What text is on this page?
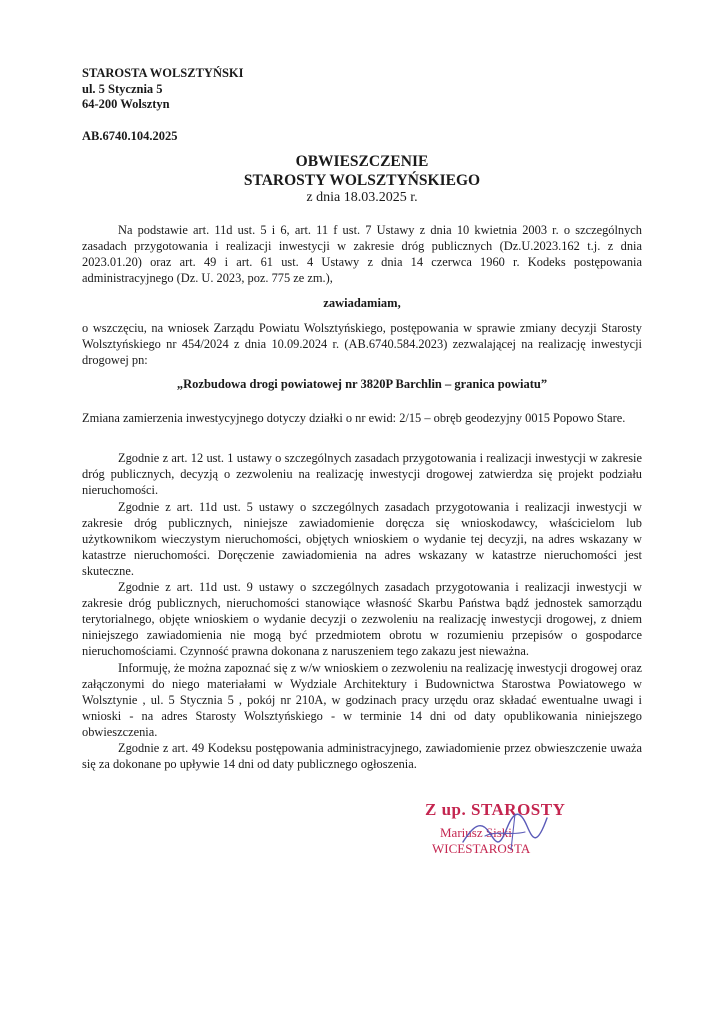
STAROSTA WOLSZTYŃSKI
ul. 5 Stycznia 5
64-200 Wolsztyn
AB.6740.104.2025
OBWIESZCZENIE
STAROSTY WOLSZTYŃSKIEGO
z dnia 18.03.2025 r.
Na podstawie art. 11d ust. 5 i 6, art. 11 f ust. 7 Ustawy z dnia 10 kwietnia 2003 r. o szczególnych zasadach przygotowania i realizacji inwestycji w zakresie dróg publicznych (Dz.U.2023.162 t.j. z dnia 2023.01.20) oraz art. 49 i art. 61 ust. 4 Ustawy z dnia 14 czerwca 1960 r. Kodeks postępowania administracyjnego (Dz. U. 2023, poz. 775 ze zm.),
zawiadamiam,
o wszczęciu, na wniosek Zarządu Powiatu Wolsztyńskiego, postępowania w sprawie zmiany decyzji Starosty Wolsztyńskiego nr 454/2024 z dnia 10.09.2024 r. (AB.6740.584.2023) zezwalającej na realizację inwestycji drogowej pn:
„Rozbudowa drogi powiatowej nr 3820P Barchlin – granica powiatu”
Zmiana zamierzenia inwestycyjnego dotyczy działki o nr ewid: 2/15 – obręb geodezyjny 0015 Popowo Stare.
Zgodnie z art. 12 ust. 1 ustawy o szczególnych zasadach przygotowania i realizacji inwestycji w zakresie dróg publicznych, decyzją o zezwoleniu na realizację inwestycji drogowej zatwierdza się projekt podziału nieruchomości.
Zgodnie z art. 11d ust. 5 ustawy o szczególnych zasadach przygotowania i realizacji inwestycji w zakresie dróg publicznych, niniejsze zawiadomienie doręcza się wnioskodawcy, właścicielom lub użytkownikom wieczystym nieruchomości, objętych wnioskiem o wydanie tej decyzji, na adres wskazany w katastrze nieruchomości. Doręczenie zawiadomienia na adres wskazany w katastrze nieruchomości jest skuteczne.
Zgodnie z art. 11d ust. 9 ustawy o szczególnych zasadach przygotowania i realizacji inwestycji w zakresie dróg publicznych, nieruchomości stanowiące własność Skarbu Państwa bądź jednostek samorządu terytorialnego, objęte wnioskiem o wydanie decyzji o zezwoleniu na realizację inwestycji drogowej, z dniem niniejszego zawiadomienia nie mogą być przedmiotem obrotu w rozumieniu przepisów o gospodarce nieruchomościami. Czynność prawna dokonana z naruszeniem tego zakazu jest nieważna.
Informuję, że można zapoznać się z w/w wnioskiem o zezwoleniu na realizację inwestycji drogowej oraz załączonymi do niego materiałami w Wydziale Architektury i Budownictwa Starostwa Powiatowego w Wolsztynie , ul. 5 Stycznia 5 , pokój nr 210A, w godzinach pracy urzędu oraz składać ewentualne uwagi i wnioski - na adres Starosty Wolsztyńskiego - w terminie 14 dni od daty opublikowania niniejszego obwieszczenia.
Zgodnie z art. 49 Kodeksu postępowania administracyjnego, zawiadomienie przez obwieszczenie uważa się za dokonane po upływie 14 dni od daty publicznego ogłoszenia.
Z up. STAROSTY
Mariusz Siski
WICESTAROSTA
